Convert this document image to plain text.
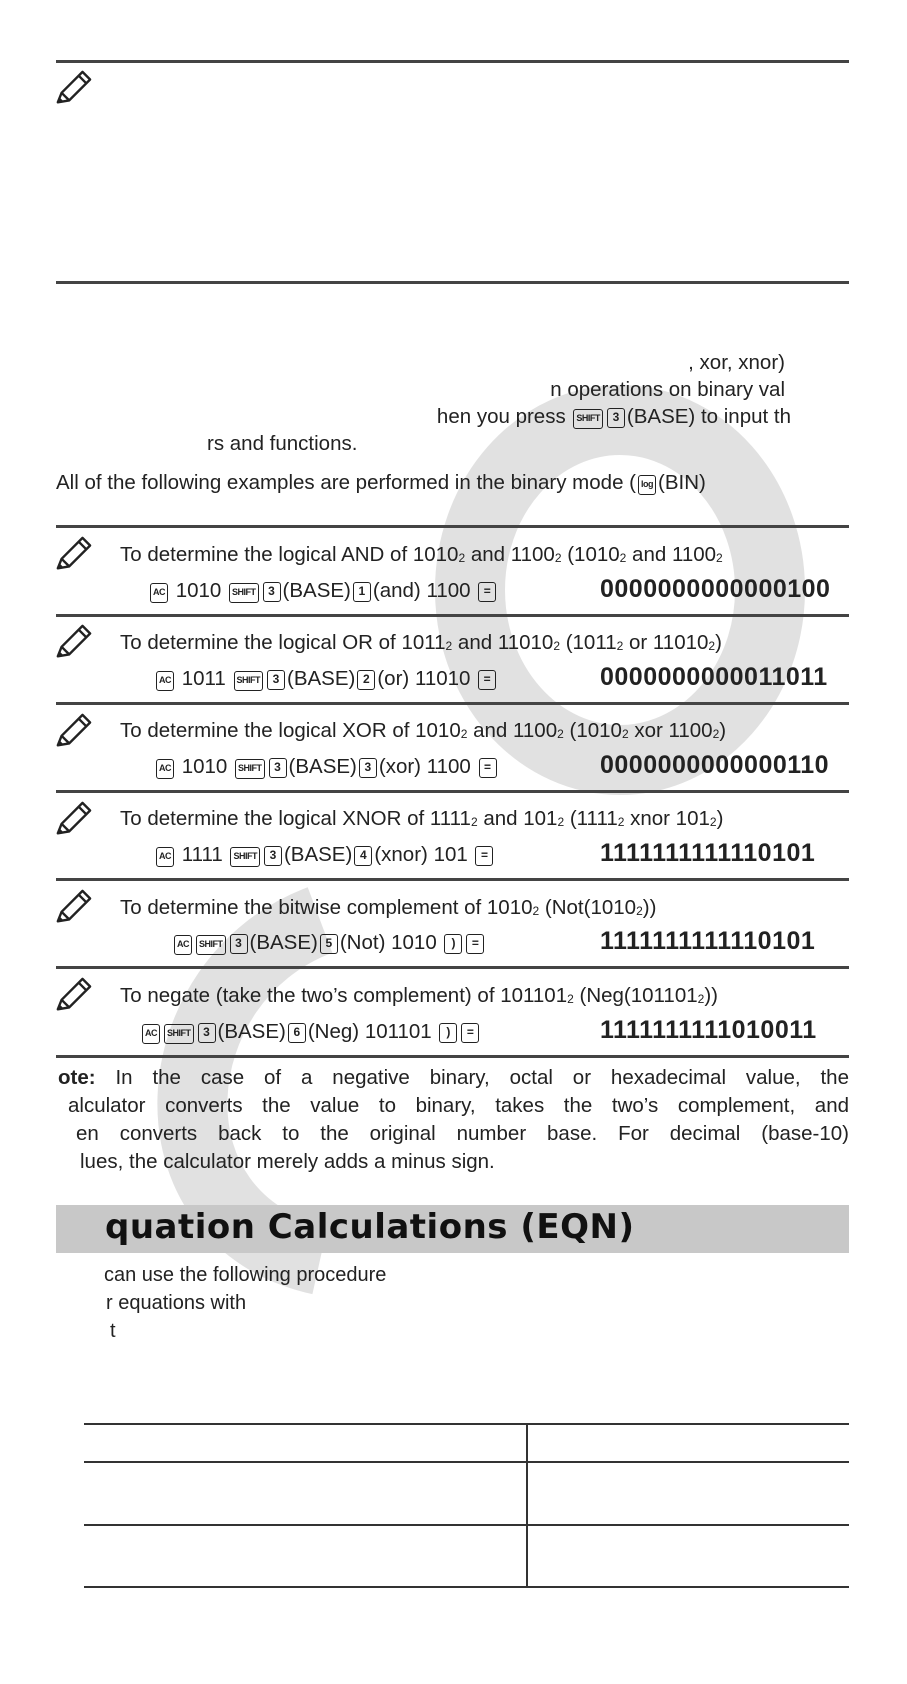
, xor, xnor)
n operations on binary val
hen you press SHIFT 3 (BASE) to input th
rs and functions.
All of the following examples are performed in the binary mode ( log (BIN)
To determine the logical AND of 10102 and 11002 (10102 and 11002
AC 1010 SHIFT 3 (BASE) 1 (and) 1100 =	0000000000000100
To determine the logical OR of 10112 and 110102 (10112 or 110102)
AC 1011 SHIFT 3 (BASE) 2 (or) 11010 =	0000000000011011
To determine the logical XOR of 10102 and 11002 (10102 xor 11002)
AC 1010 SHIFT 3 (BASE) 3 (xor) 1100 =	0000000000000110
To determine the logical XNOR of 11112 and 1012 (11112 xnor 1012)
AC 1111 SHIFT 3 (BASE) 4 (xnor) 101 =	1111111111110101
To determine the bitwise complement of 10102 (Not(10102))
AC SHIFT 3 (BASE) 5 (Not) 1010 ) =	1111111111110101
To negate (take the two’s complement) of 1011012 (Neg(1011012))
AC SHIFT 3 (BASE) 6 (Neg) 101101 ) =	1111111111010011
ote: In the case of a negative binary, octal or hexadecimal value, the
alculator converts the value to binary, takes the two’s complement, and
en converts back to the original number base. For decimal (base-10)
lues, the calculator merely adds a minus sign.
quation Calculations (EQN)
can use the following procedure
r equations with
t
